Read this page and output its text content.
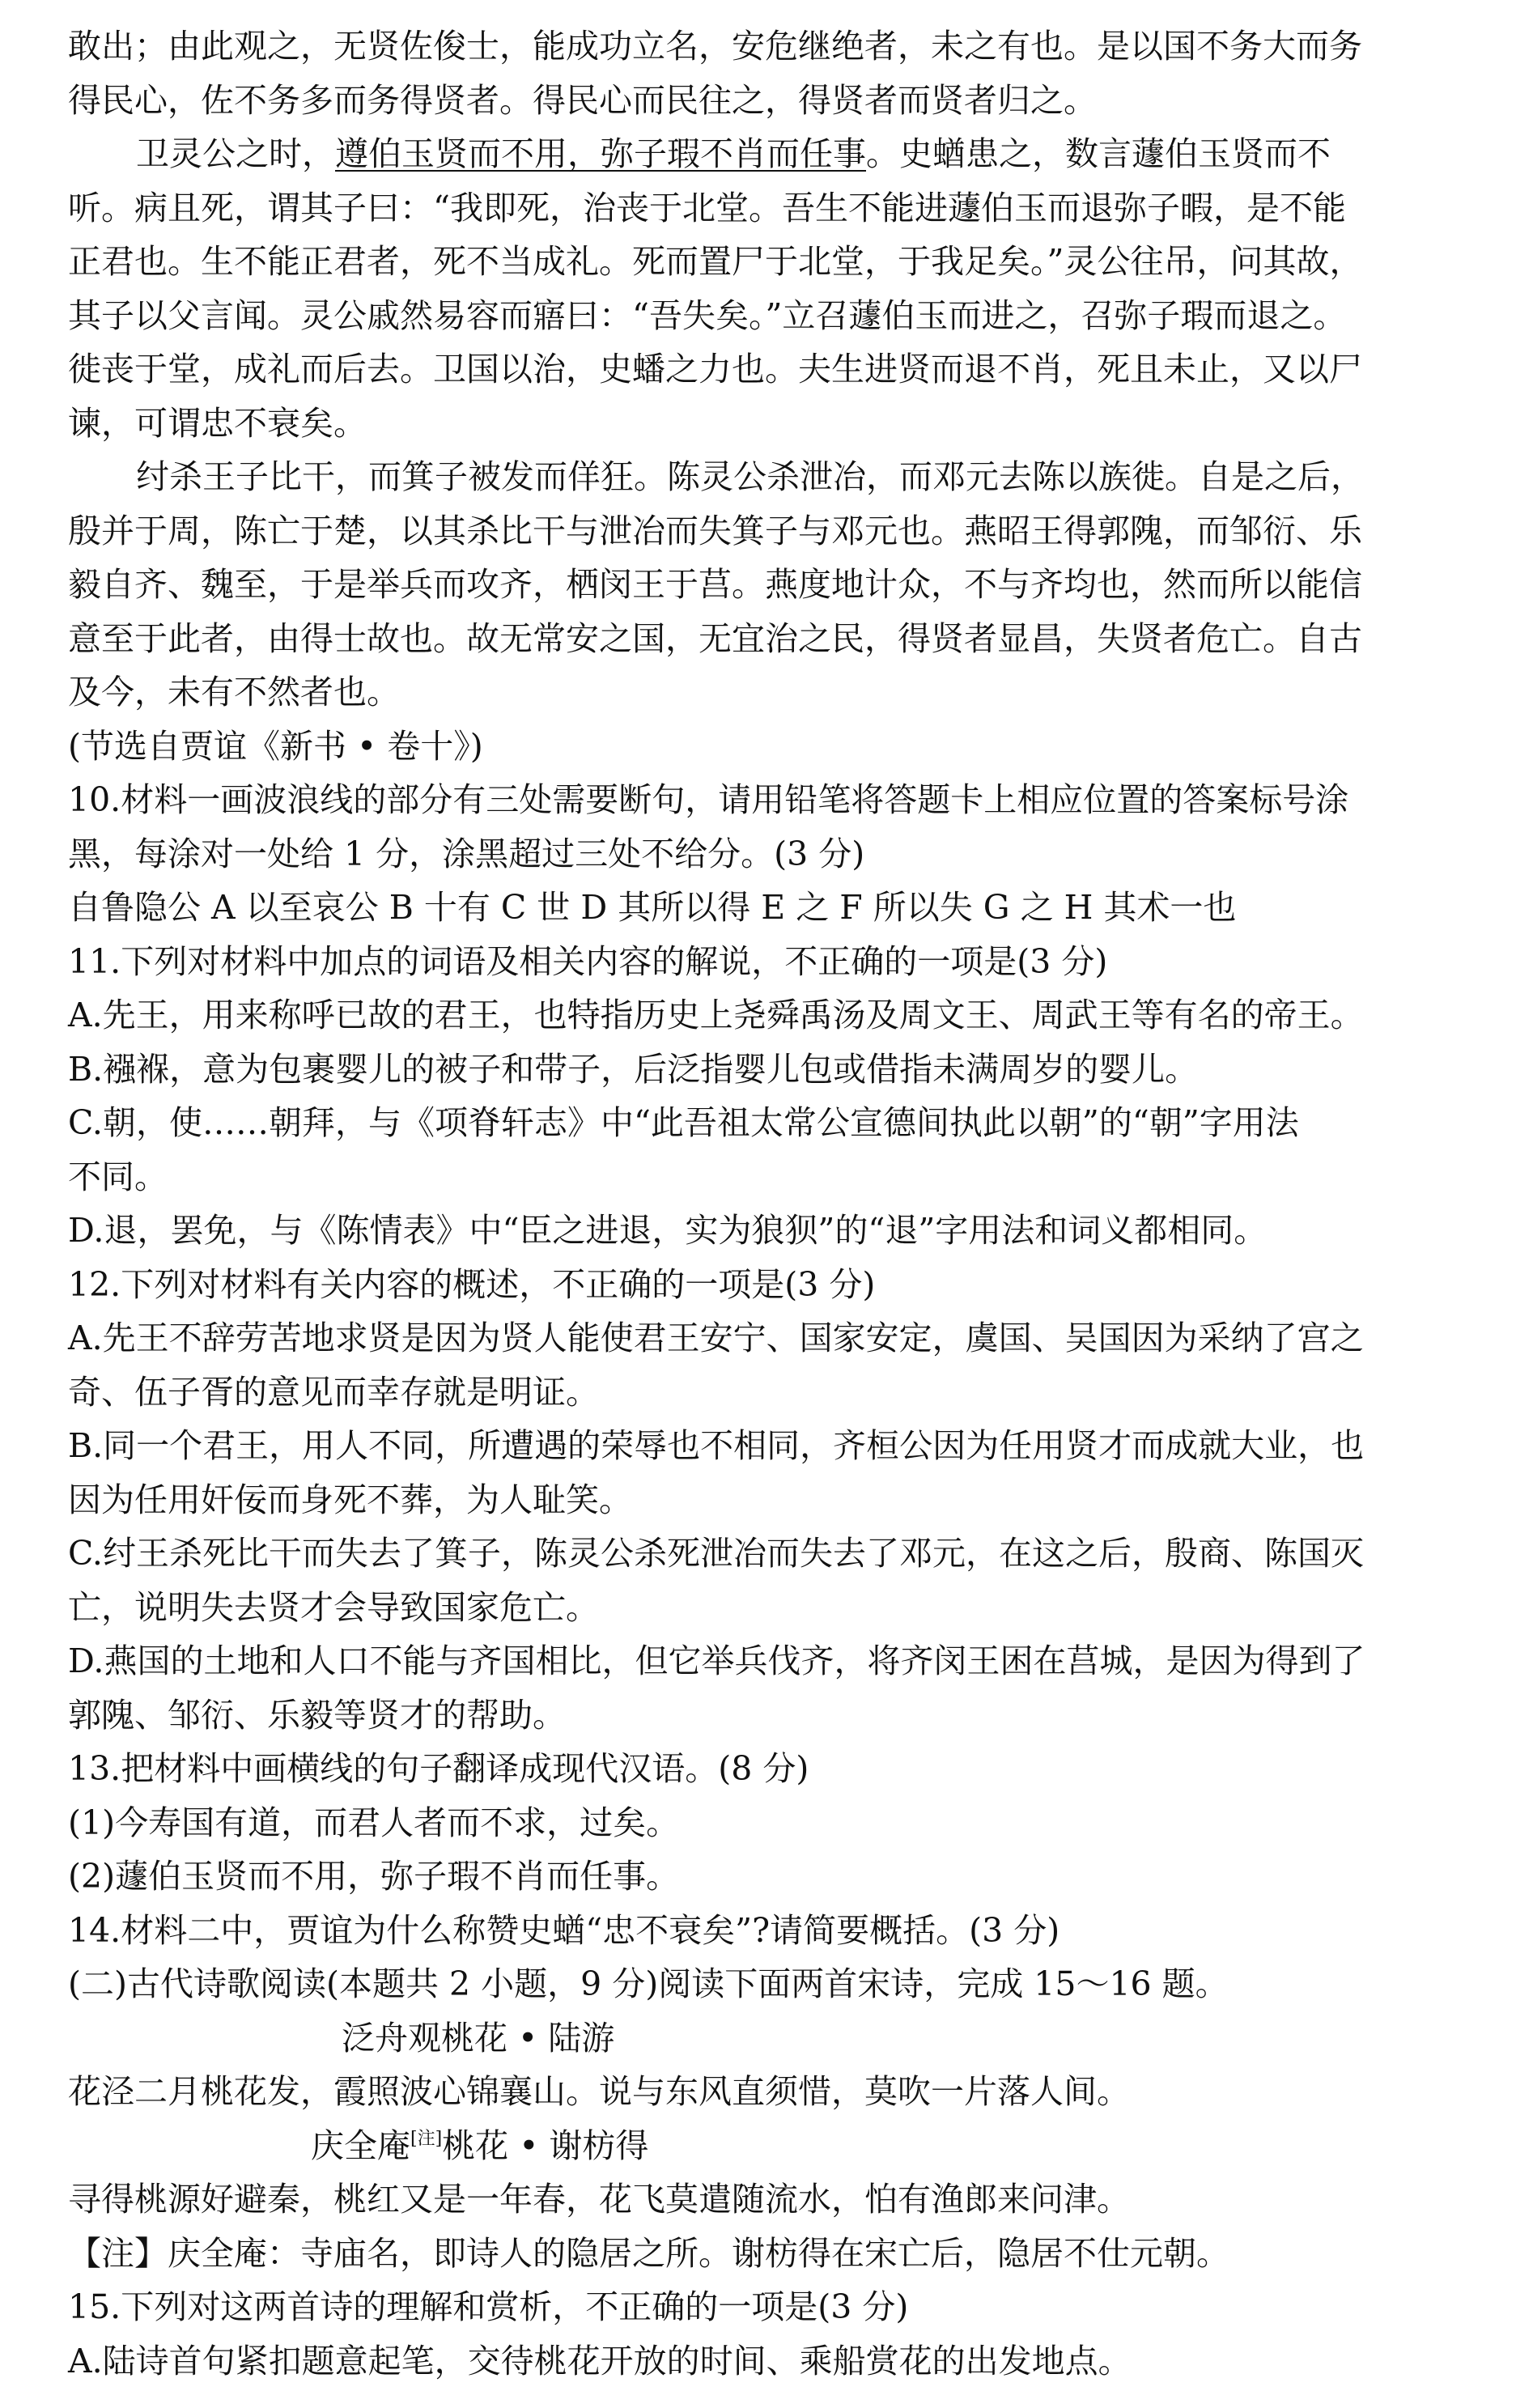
敢出；由此观之，无贤佐俊士，能成功立名，安危继绝者，未之有也。是以国不务大而务

得民心，佐不务多而务得贤者。得民心而民往之，得贤者而贤者归之。

卫灵公之时，遵伯玉贤而不用，弥子瑕不肖而任事。史蝤患之，数言蘧伯玉贤而不

听。病且死，谓其子曰：“我即死，治丧于北堂。吾生不能进蘧伯玉而退弥子暇，是不能

正君也。生不能正君者，死不当成礼。死而置尸于北堂，于我足矣。”灵公往吊，问其故，

其子以父言闻。灵公戚然易容而寤曰：“吾失矣。”立召蘧伯玉而进之，召弥子瑕而退之。

徙丧于堂，成礼而后去。卫国以治，史蟠之力也。夫生进贤而退不肖，死且未止，又以尸

谏，可谓忠不衰矣。

纣杀王子比干，而箕子被发而佯狂。陈灵公杀泄冶，而邓元去陈以族徙。自是之后，

殷并于周，陈亡于楚，以其杀比干与泄冶而失箕子与邓元也。燕昭王得郭隗，而邹衍、乐

毅自齐、魏至，于是举兵而攻齐，栖闵王于莒。燕度地计众，不与齐均也，然而所以能信

意至于此者，由得士故也。故无常安之国，无宜治之民，得贤者显昌，失贤者危亡。自古

及今，未有不然者也。

(节选自贾谊《新书 • 卷十》)

10.材料一画波浪线的部分有三处需要断句，请用铅笔将答题卡上相应位置的答案标号涂

黑，每涂对一处给 1 分，涂黑超过三处不给分。(3 分)

自鲁隐公 A 以至哀公 B 十有 C 世 D 其所以得 E 之 F 所以失 G 之 H 其术一也

11.下列对材料中加点的词语及相关内容的解说，不正确的一项是(3 分)

A.先王，用来称呼已故的君王，也特指历史上尧舜禹汤及周文王、周武王等有名的帝王。

B.襁褓，意为包裹婴儿的被子和带子，后泛指婴儿包或借指未满周岁的婴儿。

C.朝，使……朝拜，与《项脊轩志》中“此吾祖太常公宣德间执此以朝”的“朝”字用法

不同。

D.退，罢免，与《陈情表》中“臣之进退，实为狼狈”的“退”字用法和词义都相同。

12.下列对材料有关内容的概述，不正确的一项是(3 分)

A.先王不辞劳苦地求贤是因为贤人能使君王安宁、国家安定，虞国、吴国因为采纳了宫之

奇、伍子胥的意见而幸存就是明证。

B.同一个君王，用人不同，所遭遇的荣辱也不相同，齐桓公因为任用贤才而成就大业，也

因为任用奸佞而身死不葬，为人耻笑。

C.纣王杀死比干而失去了箕子，陈灵公杀死泄冶而失去了邓元，在这之后，殷商、陈国灭

亡，说明失去贤才会导致国家危亡。

D.燕国的土地和人口不能与齐国相比，但它举兵伐齐，将齐闵王困在莒城，是因为得到了

郭隗、邹衍、乐毅等贤才的帮助。

13.把材料中画横线的句子翻译成现代汉语。(8 分)

(1)今寿国有道，而君人者而不求，过矣。

(2)蘧伯玉贤而不用，弥子瑕不肖而任事。

14.材料二中，贾谊为什么称赞史蝤“忠不衰矣”?请简要概括。(3 分)

(二)古代诗歌阅读(本题共 2 小题，9 分)阅读下面两首宋诗，完成 15～16 题。

泛舟观桃花 • 陆游

花泾二月桃花发，霞照波心锦襄山。说与东风直须惜，莫吹一片落人间。

庆全庵[注]桃花 • 谢枋得

寻得桃源好避秦，桃红又是一年春，花飞莫遣随流水，怕有渔郎来问津。

【注】庆全庵：寺庙名，即诗人的隐居之所。谢枋得在宋亡后，隐居不仕元朝。

15.下列对这两首诗的理解和赏析，不正确的一项是(3 分)

A.陆诗首句紧扣题意起笔，交待桃花开放的时间、乘船赏花的出发地点。
